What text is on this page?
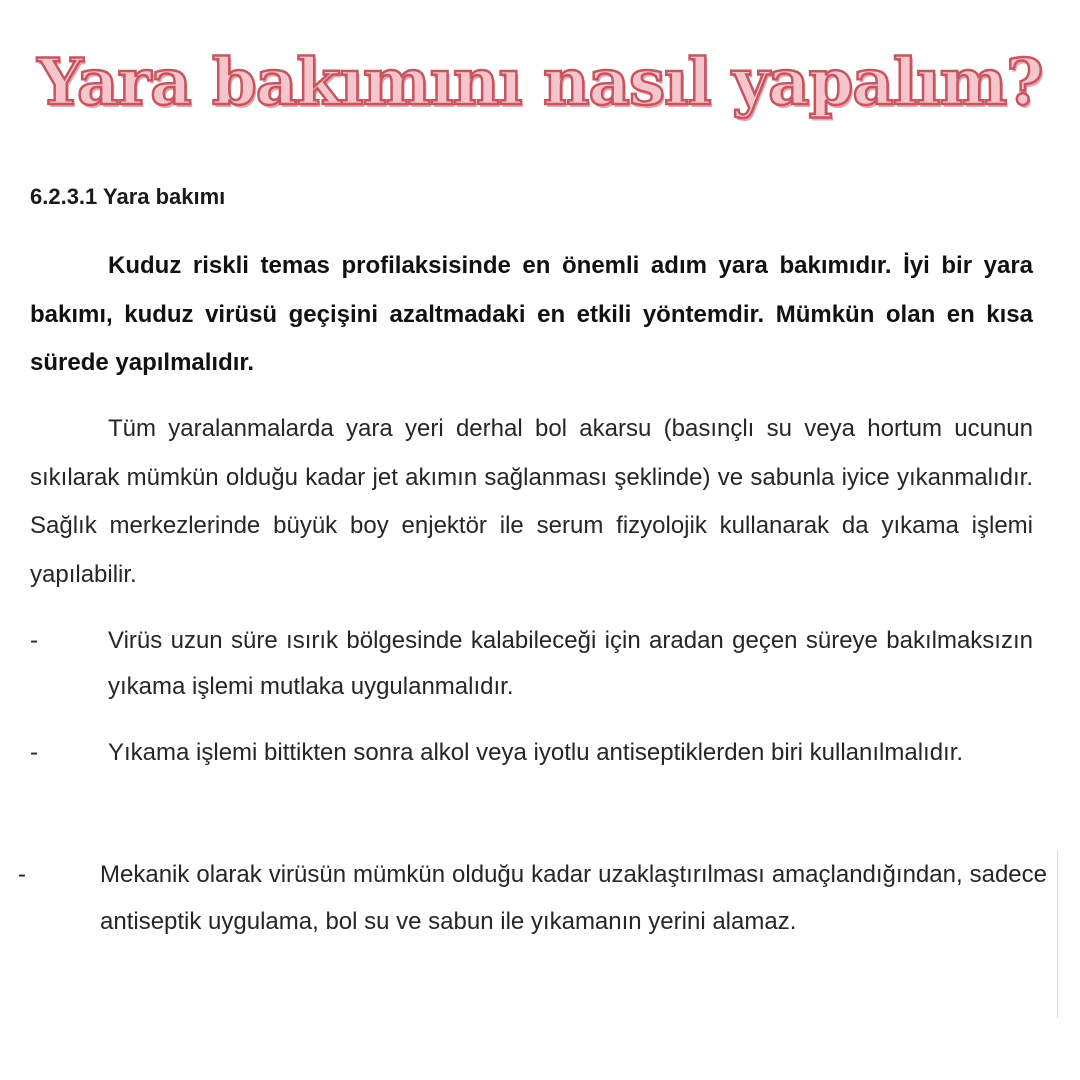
Yara bakımını nasıl yapalım?
6.2.3.1 Yara bakımı

Kuduz riskli temas profilaksisinde en önemli adım yara bakımıdır. İyi bir yara bakımı, kuduz virüsü geçişini azaltmadaki en etkili yöntemdir. Mümkün olan en kısa sürede yapılmalıdır.

Tüm yaralanmalarda yara yeri derhal bol akarsu (basınçlı su veya hortum ucunun sıkılarak mümkün olduğu kadar jet akımın sağlanması şeklinde) ve sabunla iyice yıkanmalıdır. Sağlık merkezlerinde büyük boy enjektör ile serum fizyolojik kullanarak da yıkama işlemi yapılabilir.

-	Virüs uzun süre ısırık bölgesinde kalabileceği için aradan geçen süreye bakılmaksızın yıkama işlemi mutlaka uygulanmalıdır.

-	Yıkama işlemi bittikten sonra alkol veya iyotlu antiseptiklerden biri kullanılmalıdır.

-	Mekanik olarak virüsün mümkün olduğu kadar uzaklaştırılması amaçlandığından, sadece antiseptik uygulama, bol su ve sabun ile yıkamanın yerini alamaz.
